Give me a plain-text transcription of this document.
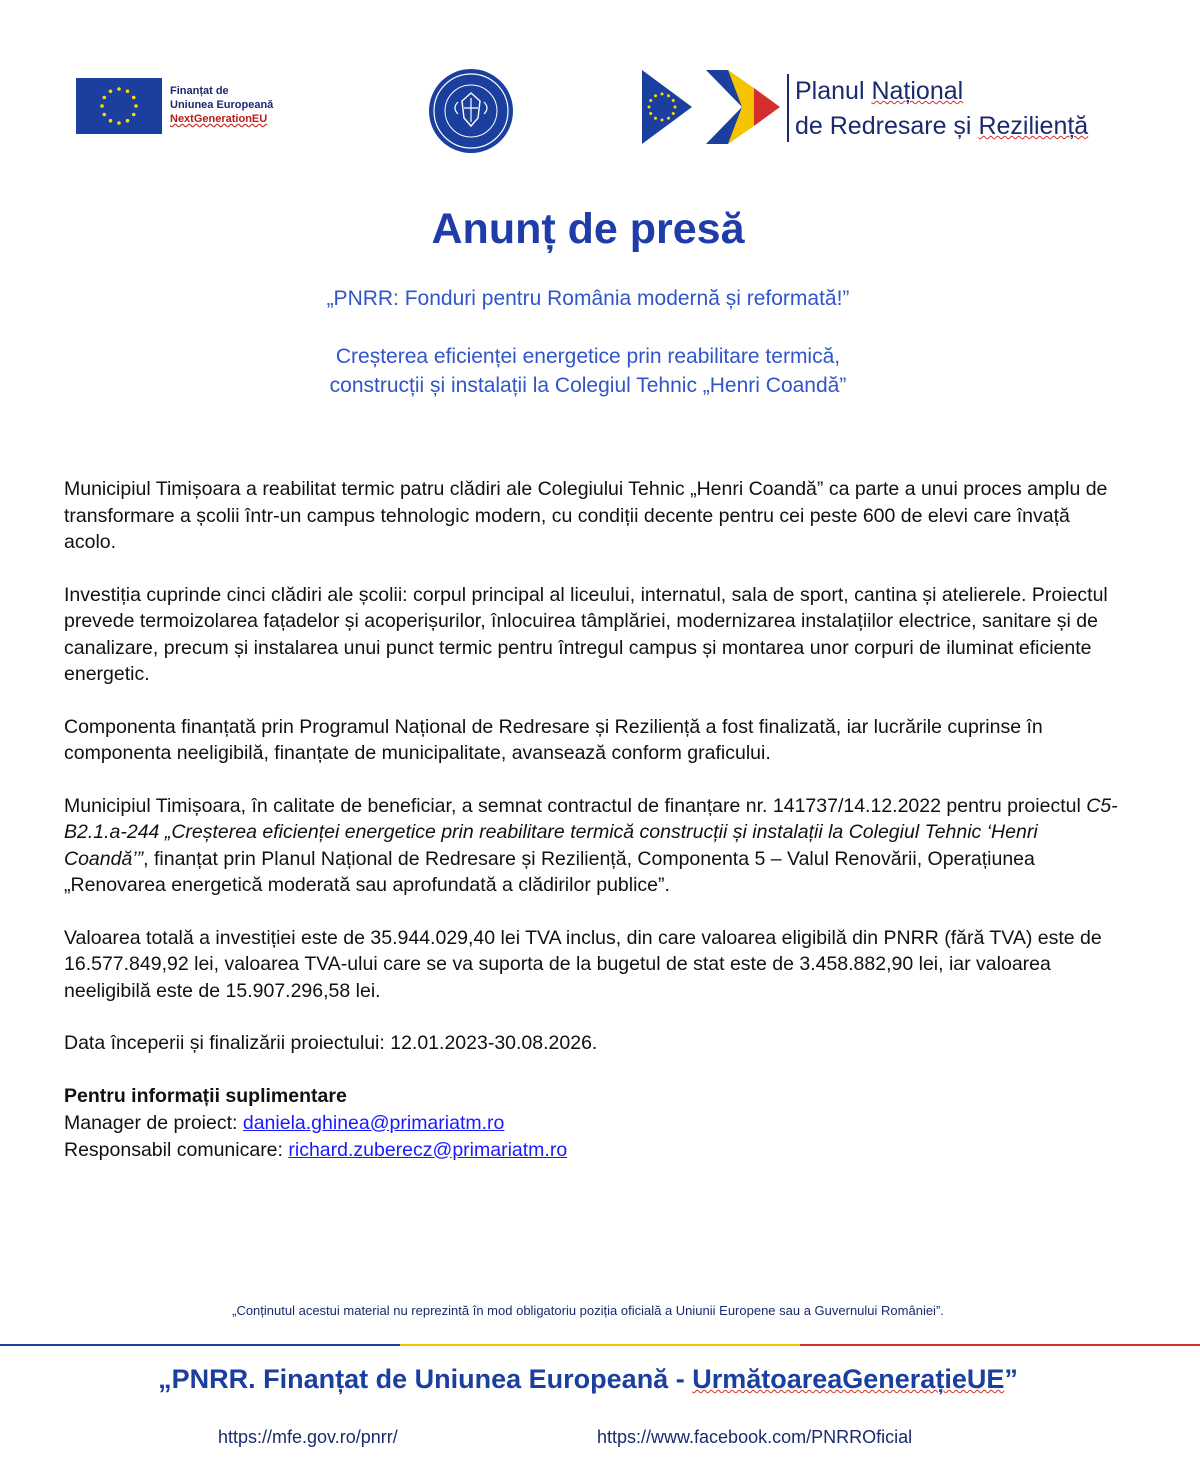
Finanțat de
Uniunea Europeană
NextGenerationEU
Planul Național
de Redresare și Reziliență
Anunț de presă
„PNRR: Fonduri pentru România modernă și reformată!”
Creșterea eficienței energetice prin reabilitare termică,
construcții și instalații la Colegiul Tehnic „Henri Coandă”

Municipiul Timișoara a reabilitat termic patru clădiri ale Colegiului Tehnic „Henri Coandă” ca parte a unui proces amplu de transformare a școlii într-un campus tehnologic modern, cu condiții decente pentru cei peste 600 de elevi care învață acolo.

Investiția cuprinde cinci clădiri ale școlii: corpul principal al liceului, internatul, sala de sport, cantina și atelierele. Proiectul prevede termoizolarea fațadelor și acoperișurilor, înlocuirea tâmplăriei, modernizarea instalațiilor electrice, sanitare și de canalizare, precum și instalarea unui punct termic pentru întregul campus și montarea unor corpuri de iluminat eficiente energetic.

Componenta finanțată prin Programul Național de Redresare și Reziliență a fost finalizată, iar lucrările cuprinse în componenta neeligibilă, finanțate de municipalitate, avansează conform graficului.

Municipiul Timișoara, în calitate de beneficiar, a semnat contractul de finanțare nr. 141737/14.12.2022 pentru proiectul C5-B2.1.a-244 „Creșterea eficienței energetice prin reabilitare termică construcții și instalații la Colegiul Tehnic ‘Henri Coandă’”, finanțat prin Planul Național de Redresare și Reziliență, Componenta 5 – Valul Renovării, Operațiunea „Renovarea energetică moderată sau aprofundată a clădirilor publice”.

Valoarea totală a investiției este de 35.944.029,40 lei TVA inclus, din care valoarea eligibilă din PNRR (fără TVA) este de 16.577.849,92 lei, valoarea TVA-ului care se va suporta de la bugetul de stat este de 3.458.882,90 lei, iar valoarea neeligibilă este de 15.907.296,58 lei.

Data începerii și finalizării proiectului: 12.01.2023-30.08.2026.

Pentru informații suplimentare
Manager de proiect: daniela.ghinea@primariatm.ro
Responsabil comunicare: richard.zuberecz@primariatm.ro
„Conținutul acestui material nu reprezintă în mod obligatoriu poziția oficială a Uniunii Europene sau a Guvernului României”.
„PNRR. Finanțat de Uniunea Europeană - UrmătoareaGenerațieUE”
https://mfe.gov.ro/pnrr/	https://www.facebook.com/PNRROficial
